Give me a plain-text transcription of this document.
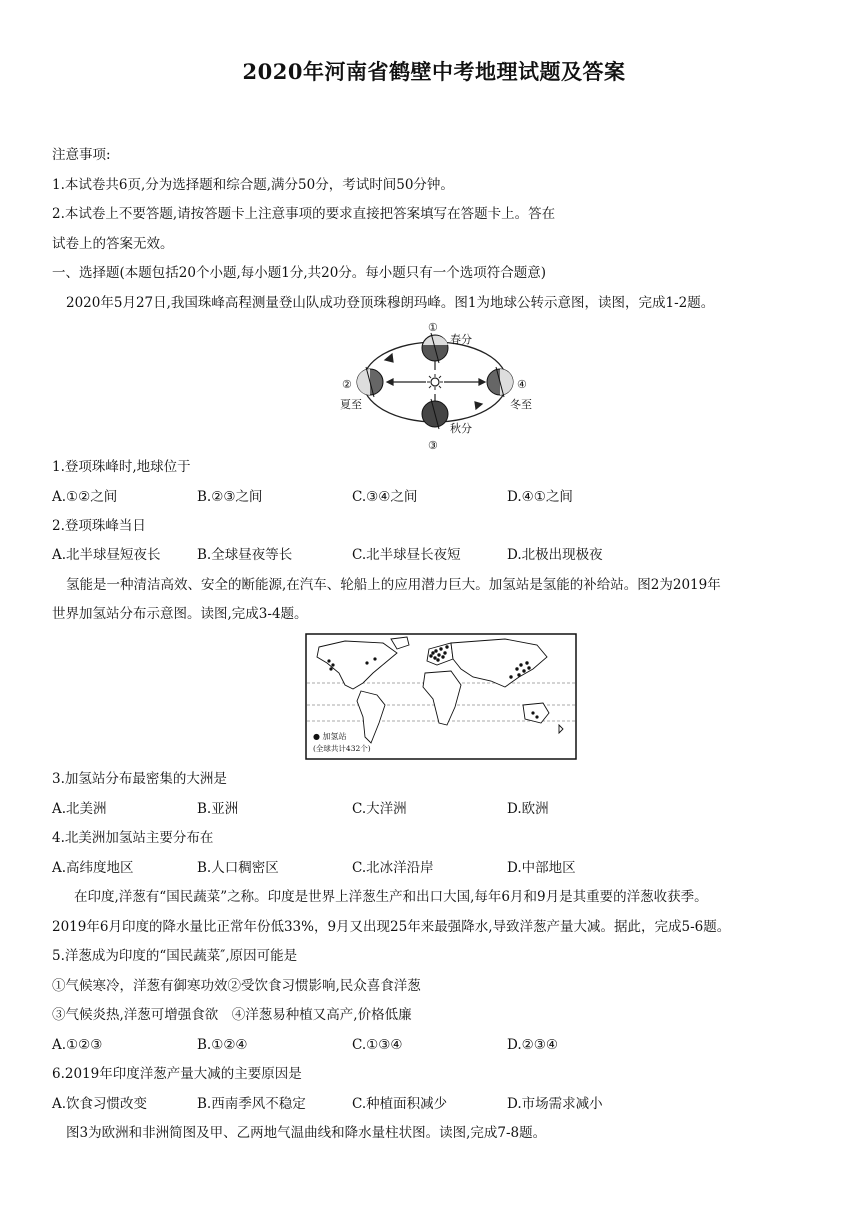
2020年河南省鹤壁中考地理试题及答案
注意事项:
1.本试卷共6页,分为选择题和综合题,满分50分，考试时间50分钟。
2.本试卷上不要答题,请按答题卡上注意事项的要求直接把答案填写在答题卡上。答在
试卷上的答案无效。
一、选择题(本题包括20个小题,每小题1分,共20分。每小题只有一个选项符合题意)
2020年5月27日,我国珠峰高程测量登山队成功登顶珠穆朗玛峰。图1为地球公转示意图，读图，完成1-2题。
①
春分
②
夏至
④
冬至
秋分
③
1.登项珠峰时,地球位于
A.①②之间	B.②③之间	C.③④之间	D.④①之间
2.登项珠峰当日
A.北半球昼短夜长	B.全球昼夜等长	C.北半球昼长夜短	D.北极出现极夜
氢能是一种清洁高效、安全的断能源,在汽车、轮船上的应用潜力巨大。加氢站是氢能的补给站。图2为2019年
世界加氢站分布示意图。读图,完成3-4题。
● 加氢站
(全球共计432个)
3.加氢站分布最密集的大洲是
A.北美洲	B.亚洲	C.大洋洲	D.欧洲
4.北美洲加氢站主要分布在
A.高纬度地区	B.人口稠密区	C.北冰洋沿岸	D.中部地区
在印度,洋葱有“国民蔬菜”之称。印度是世界上洋葱生产和出口大国,每年6月和9月是其重要的洋葱收获季。
2019年6月印度的降水量比正常年份低33%，9月又出现25年来最强降水,导致洋葱产量大减。据此，完成5-6题。
5.洋葱成为印度的“国民蔬菜″,原因可能是
①气候寒冷，洋葱有御寒功效②受饮食习惯影响,民众喜食洋葱
③气候炎热,洋葱可增强食欲　④洋葱易种植又高产,价格低廉
A.①②③	B.①②④	C.①③④	D.②③④
6.2019年印度洋葱产量大减的主要原因是
A.饮食习惯改变	B.西南季风不稳定	C.种植面积减少	D.市场需求减小
图3为欧洲和非洲简图及甲、乙两地气温曲线和降水量柱状图。读图,完成7-8题。
